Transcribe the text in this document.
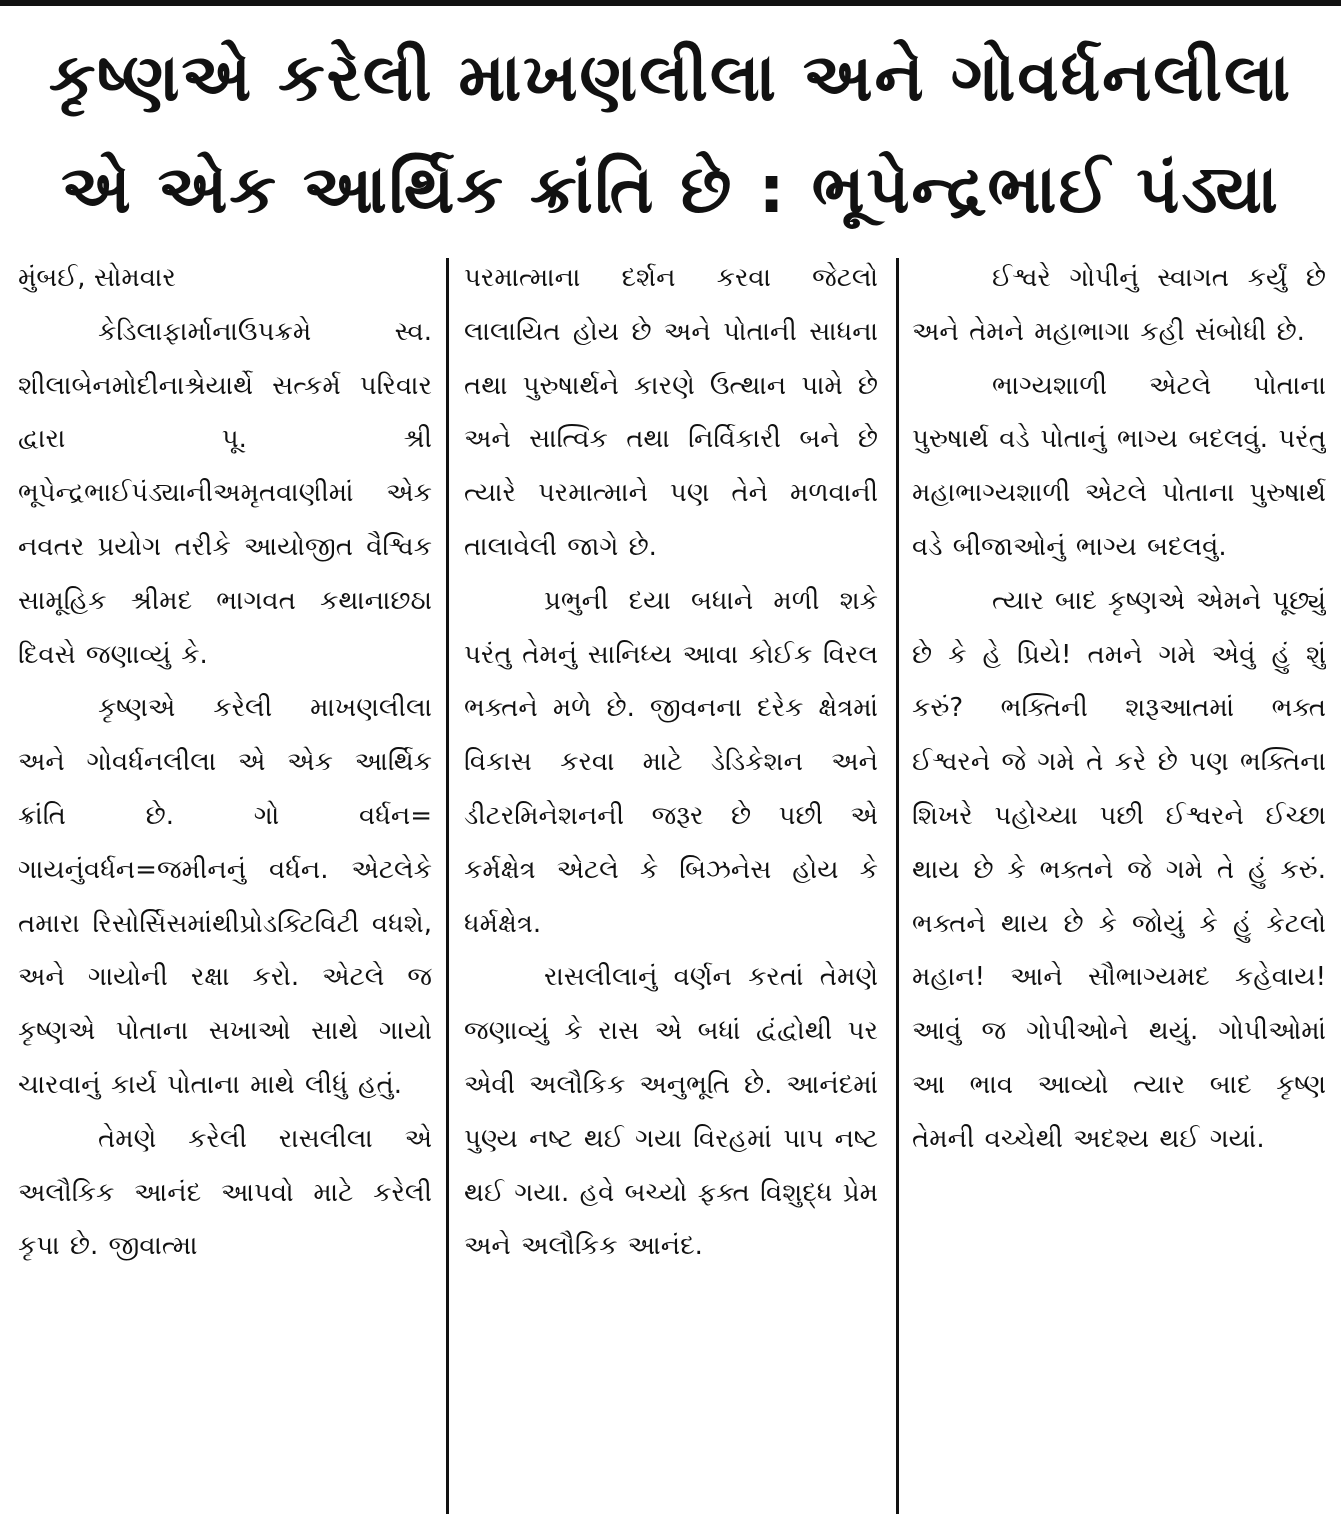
કૃષ્ણએ કરેલી માખણલીલા અને ગોવર્ધનલીલા
એ એક આર્થિક ક્રાંતિ છે : ભૂપેન્દ્રભાઈ પંડ્યા

મુંબઈ, સોમવાર

કેડિલાફાર્માનાઉપક્રમે સ્વ. શીલાબેનમોદીનાશ્રેયાર્થે સત્કર્મ પરિવાર દ્વારા પૂ. શ્રી ભૂપેન્દ્રભાઈપંડ્યાનીઅમૃતવાણીમાં એક નવતર પ્રયોગ તરીકે આયોજીત વૈશ્વિક સામૂહિક શ્રીમદ ભાગવત કથાનાછઠા દિવસે જણાવ્યું કે.

કૃષ્ણએ કરેલી માખણલીલા અને ગોવર્ધનલીલા એ એક આર્થિક ક્રાંતિ છે. ગો વર્ધન= ગાયનુંવર્ધન=જમીનનું વર્ધન. એટલેકે તમારા રિસોર્સિસમાંથીપ્રોડક્ટિવિટી વધશે, અને ગાયોની રક્ષા કરો. એટલે જ કૃષ્ણએ પોતાના સખાઓ સાથે ગાયો ચારવાનું કાર્ય પોતાના માથે લીધું હતું.

તેમણે કરેલી રાસલીલા એ અલૌકિક આનંદ આપવો માટે કરેલી કૃપા છે. જીવાત્મા

પરમાત્માના દર્શન કરવા જેટલો લાલાયિત હોય છે અને પોતાની સાધના તથા પુરુષાર્થને કારણે ઉત્થાન પામે છે અને સાત્વિક તથા નિર્વિકારી બને છે ત્યારે પરમાત્માને પણ તેને મળવાની તાલાવેલી જાગે છે.

પ્રભુની દયા બધાને મળી શકે પરંતુ તેમનું સાનિધ્ય આવા કોઈક વિરલ ભક્તને મળે છે. જીવનના દરેક ક્ષેત્રમાં વિકાસ કરવા માટે ડેડિકેશન અને ડીટરમિનેશનની જરૂર છે પછી એ કર્મક્ષેત્ર એટલે કે બિઝનેસ હોય કે ધર્મક્ષેત્ર.

રાસલીલાનું વર્ણન કરતાં તેમણે જણાવ્યું કે રાસ એ બધાં દ્વંદ્વોથી પર એવી અલૌકિક અનુભૂતિ છે. આનંદમાં પુણ્ય નષ્ટ થઈ ગયા વિરહમાં પાપ નષ્ટ થઈ ગયા. હવે બચ્યો ફક્ત વિશુદ્ધ પ્રેમ અને અલૌકિક આનંદ.

ઈશ્વરે ગોપીનું સ્વાગત કર્યું છે અને તેમને મહાભાગા કહી સંબોધી છે.

ભાગ્યશાળી એટલે પોતાના પુરુષાર્થ વડે પોતાનું ભાગ્ય બદલવું. પરંતુ મહાભાગ્યશાળી એટલે પોતાના પુરુષાર્થ વડે બીજાઓનું ભાગ્ય બદલવું.

ત્યાર બાદ કૃષ્ણએ એમને પૂછ્યું છે કે હે પ્રિયે! તમને ગમે એવું હું શું કરું? ભક્તિની શરૂઆતમાં ભક્ત ઈશ્વરને જે ગમે તે કરે છે પણ ભક્તિના શિખરે પહોચ્યા પછી ઈશ્વરને ઈચ્છા થાય છે કે ભક્તને જે ગમે તે હું કરું. ભક્તને થાય છે કે જોયું કે હું કેટલો મહાન! આને સૌભાગ્યમદ કહેવાય! આવું જ ગોપીઓને થયું. ગોપીઓમાં આ ભાવ આવ્યો ત્યાર બાદ કૃષ્ણ તેમની વચ્ચેથી અદશ્ય થઈ ગયાં.
